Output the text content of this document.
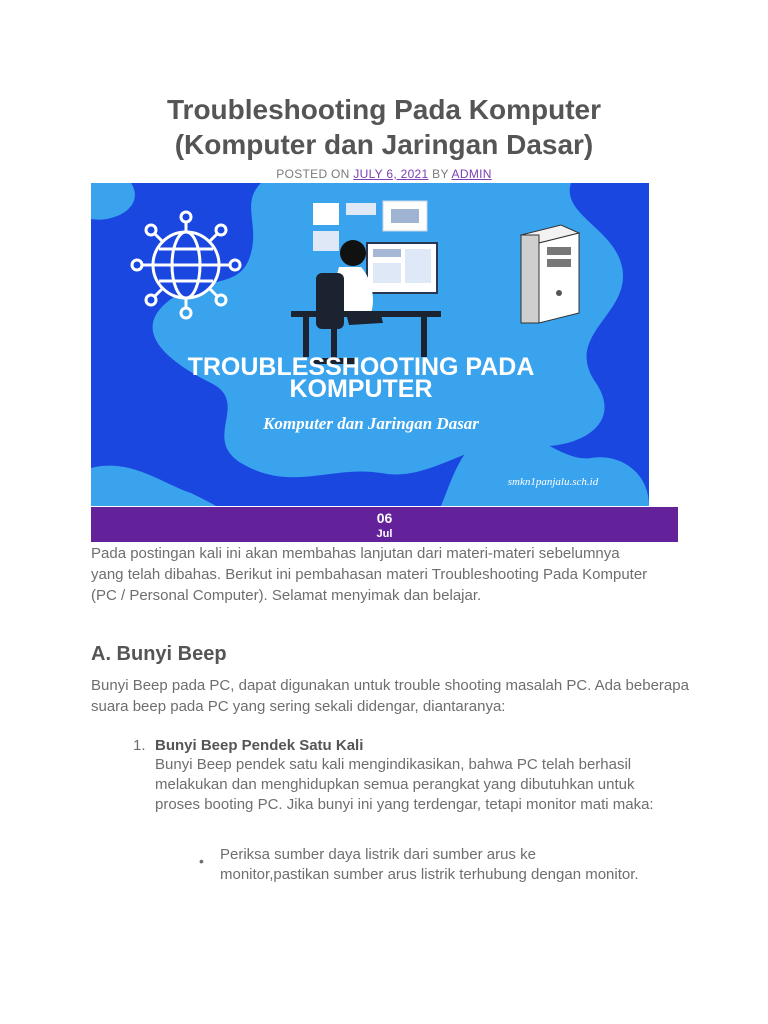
Troubleshooting Pada Komputer
(Komputer dan Jaringan Dasar)
POSTED ON JULY 6, 2021 BY ADMIN
TROUBLESSHOOTING PADA
KOMPUTER
Komputer dan Jaringan Dasar
smkn1panjalu.sch.id
06
Jul
Pada postingan kali ini akan membahas lanjutan dari materi-materi sebelumnya yang telah dibahas. Berikut ini pembahasan materi Troubleshooting Pada Komputer (PC / Personal Computer). Selamat menyimak dan belajar.
A. Bunyi Beep
Bunyi Beep pada PC, dapat digunakan untuk trouble shooting masalah PC. Ada beberapa suara beep pada PC yang sering sekali didengar, diantaranya:
1. Bunyi Beep Pendek Satu Kali
Bunyi Beep pendek satu kali mengindikasikan, bahwa PC telah berhasil melakukan dan menghidupkan semua perangkat yang dibutuhkan untuk proses booting PC. Jika bunyi ini yang terdengar, tetapi monitor mati maka:
• Periksa sumber daya listrik dari sumber arus ke monitor,pastikan sumber arus listrik terhubung dengan monitor.
